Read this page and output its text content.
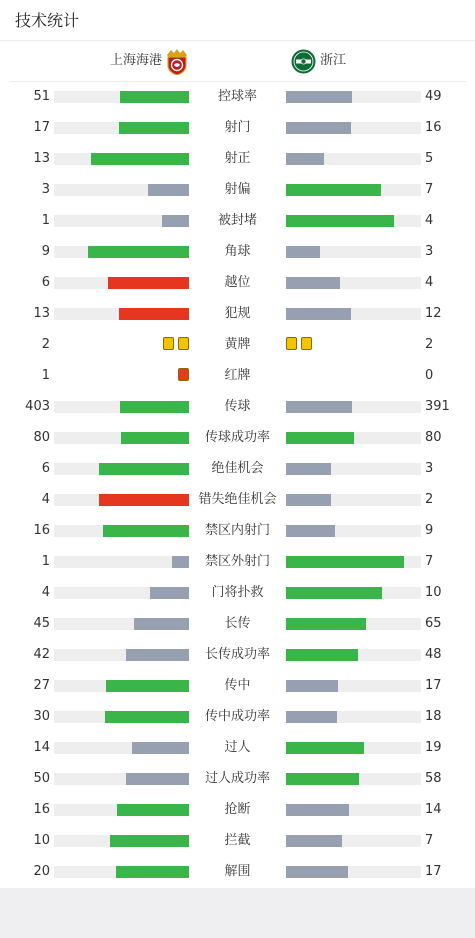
技术统计
上海海港	浙江
51	控球率	49
17	射门	16
13	射正	5
3	射偏	7
1	被封堵	4
9	角球	3
6	越位	4
13	犯规	12
2	黄牌	2
1	红牌	0
403	传球	391
80	传球成功率	80
6	绝佳机会	3
4	错失绝佳机会	2
16	禁区内射门	9
1	禁区外射门	7
4	门将扑救	10
45	长传	65
42	长传成功率	48
27	传中	17
30	传中成功率	18
14	过人	19
50	过人成功率	58
16	抢断	14
10	拦截	7
20	解围	17
